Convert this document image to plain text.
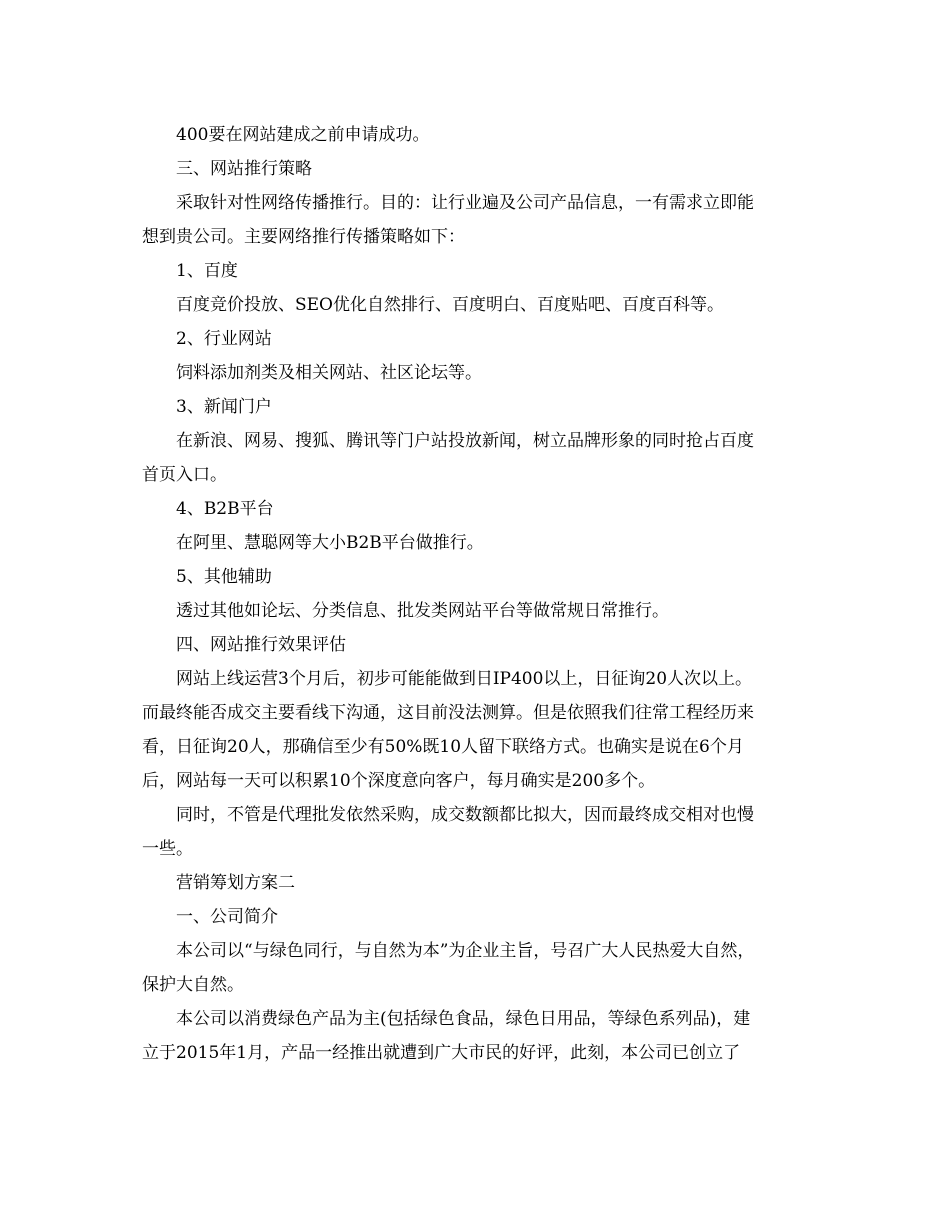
400要在网站建成之前申请成功。

三、网站推行策略

采取针对性网络传播推行。目的：让行业遍及公司产品信息，一有需求立即能

想到贵公司。主要网络推行传播策略如下：

1、百度

百度竞价投放、SEO优化自然排行、百度明白、百度贴吧、百度百科等。

2、行业网站

饲料添加剂类及相关网站、社区论坛等。

3、新闻门户

在新浪、网易、搜狐、腾讯等门户站投放新闻，树立品牌形象的同时抢占百度

首页入口。

4、B2B平台

在阿里、慧聪网等大小B2B平台做推行。

5、其他辅助

透过其他如论坛、分类信息、批发类网站平台等做常规日常推行。

四、网站推行效果评估

网站上线运营3个月后，初步可能能做到日IP400以上，日征询20人次以上。

而最终能否成交主要看线下沟通，这目前没法测算。但是依照我们往常工程经历来

看，日征询20人，那确信至少有50%既10人留下联络方式。也确实是说在6个月

后，网站每一天可以积累10个深度意向客户，每月确实是200多个。

同时，不管是代理批发依然采购，成交数额都比拟大，因而最终成交相对也慢

一些。

营销筹划方案二

一、公司简介

本公司以“与绿色同行，与自然为本”为企业主旨，号召广大人民热爱大自然，

保护大自然。

本公司以消费绿色产品为主(包括绿色食品，绿色日用品，等绿色系列品)，建

立于2015年1月，产品一经推出就遭到广大市民的好评，此刻，本公司已创立了
